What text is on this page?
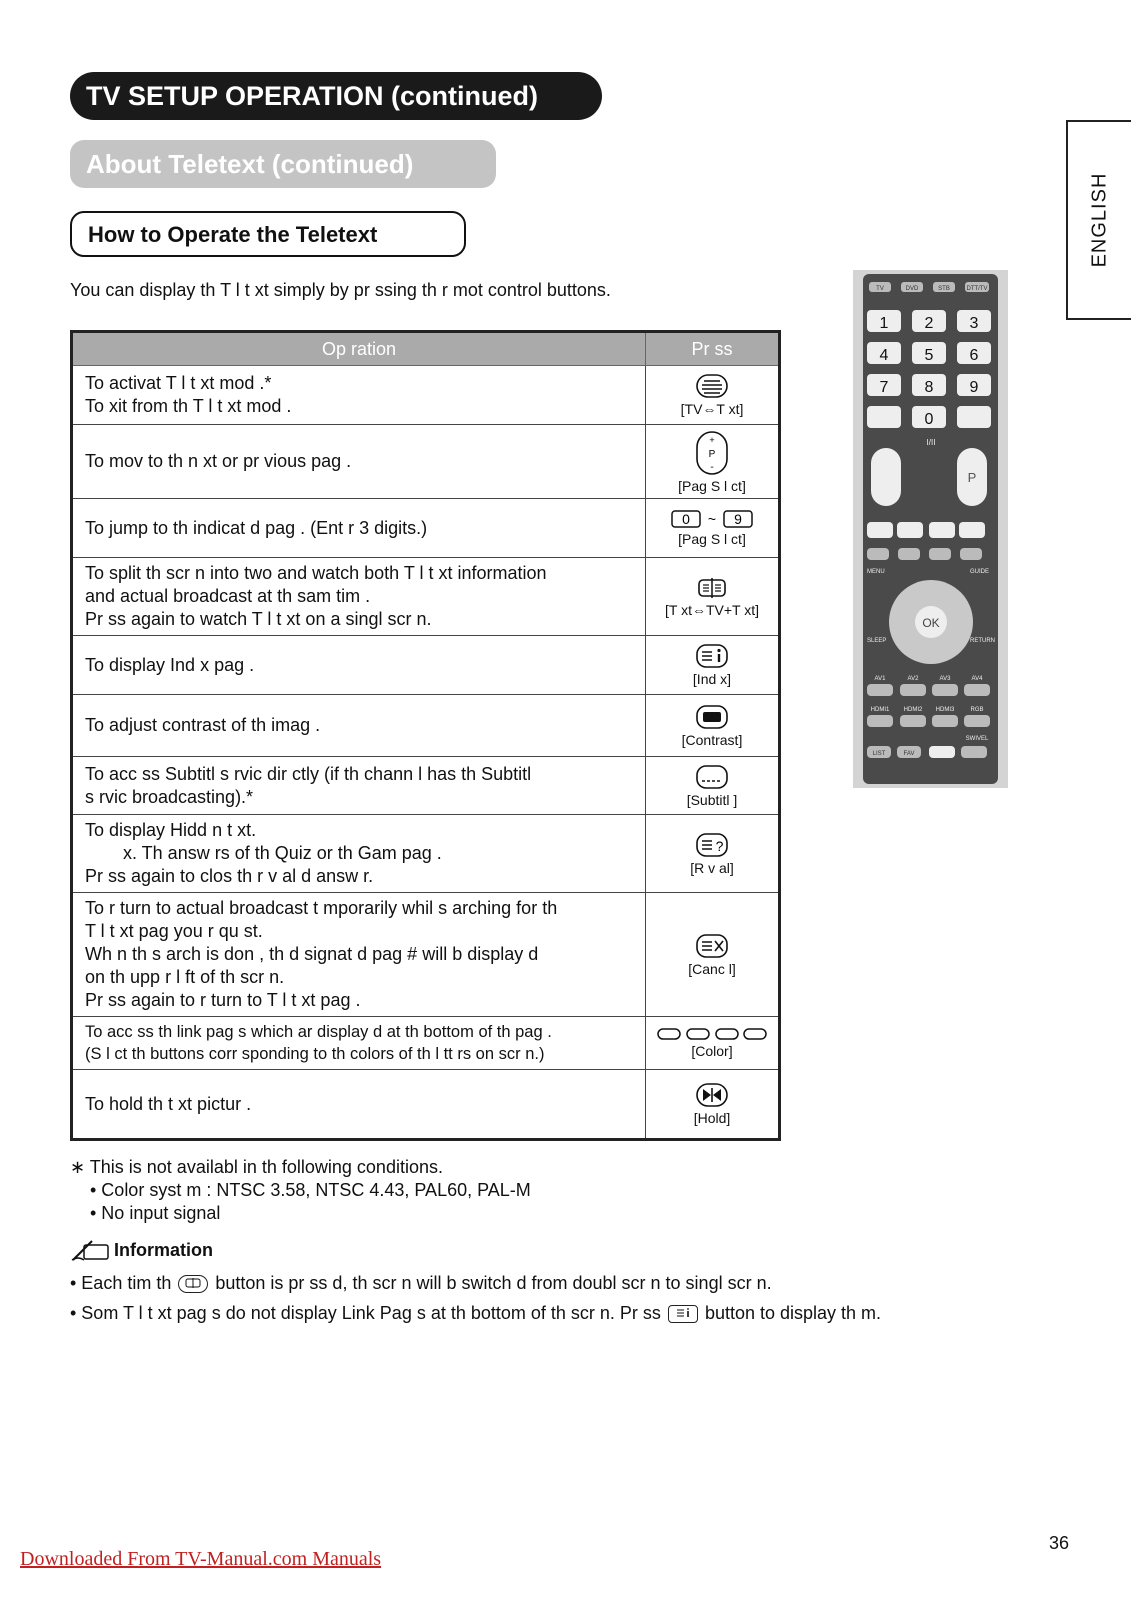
TV SETUP OPERATION (continued)
About Teletext (continued)
How to Operate the Teletext	ENGLISH
You can display th T l t xt simply by pr ssing th r mot control buttons.
Op ration	Pr ss

To activat T l t xt mod .*
To xit from th T l t xt mod .	[TV⇔T xt]

To mov to th n xt or pr vious pag .	+
P
-
[Pag S l ct]

To jump to th indicat d pag . (Ent r 3 digits.)	0 ~ 9
[Pag S l ct]

To split th scr n into two and watch both T l t xt information
and actual broadcast at th sam tim .
Pr ss again to watch T l t xt on a singl scr n.	[T xt⇔TV+T xt]

To display Ind x pag .	[Ind x]

To adjust contrast of th imag .	[Contrast]

To acc ss Subtitl s rvic dir ctly (if th chann l has th Subtitl
s rvic broadcasting).*	[Subtitl ]

To display Hidd n t xt.
x. Th answ rs of th Quiz or th Gam pag .
Pr ss again to clos th r v al d answ r.	?
[R v al]

To r turn to actual broadcast t mporarily whil s arching for th
T l t xt pag you r qu st.
Wh n th s arch is don , th d signat d pag # will b display d
on th upp r l ft of th scr n.
Pr ss again to r turn to T l t xt pag .	[Canc l]

To acc ss th link pag s which ar display d at th bottom of th pag .
(S l ct th buttons corr sponding to th colors of th l tt rs on scr n.)	[Color]

To hold th t xt pictur .	[Hold]
∗ This is not availabl in th following conditions.
• Color syst m : NTSC 3.58, NTSC 4.43, PAL60, PAL-M
• No input signal
Information
• Each tim th button is pr ss d, th scr n will b switch d from doubl scr n to singl scr n.
• Som T l t xt pag s do not display Link Pag s at th bottom of th scr n. Pr ss button to display th m.
TV	DVD	STB	DTT/TV
1 2 3
4 5 6
7 8 9
0
I/II
P
MENU	GUIDE
SLEEP	RETURN
OK
AV1	AV2	AV3	AV4
HDMI1 HDMI2 HDMI3	RGB
SWIVEL
LIST	FAV
36
Downloaded From TV-Manual.com Manuals
